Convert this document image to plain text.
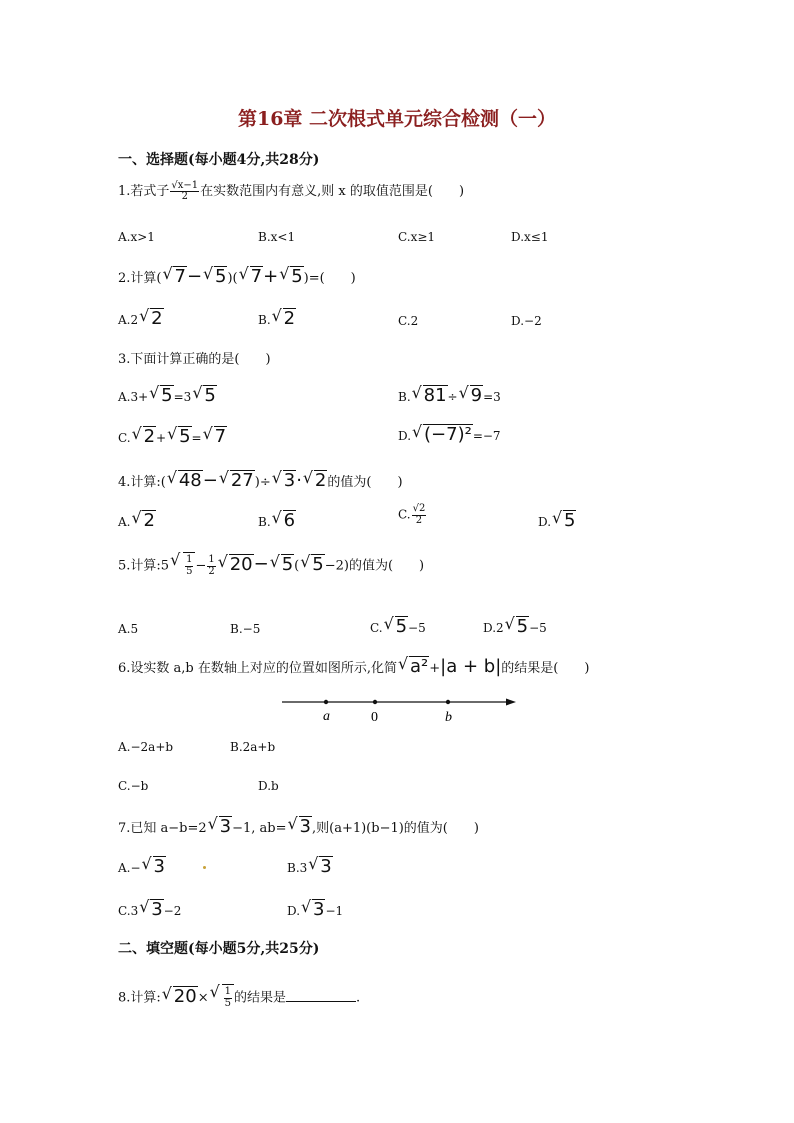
第16章 二次根式单元综合检测（一）
一、选择题(每小题4分,共28分)
1.若式子 $\frac{√x-1}{2}$ 在实数范围内有意义,则 x 的取值范围是(　　)
A.x>1	B.x<1	C.x≥1	D.x≤1
2.计算( √ 7− √ 5)( √ 7+ √ 5)=(　　)
A.2 √ 2	B. √ 2	C.2	D.−2
3.下面计算正确的是(　　)
A.3+ √ 5=3 √ 5	B. √ 81÷ √ 9=3
C. √ 2+ √ 5= √ 7	D. √ (−7)²=−7
4.计算:( √ 48− √ 27)÷ √ 3· √ 2的值为(　　)
A. √ 2	B. √ 6	C. $\frac{√2}{2}$	D. √ 5
5.计算:5 √ $\frac{1}{5} - \frac{1}{2}$ √ 20− √ 5( √ 5−2)的值为(　　)
A.5	B.−5	C. √ 5−5	D.2 √ 5−5
6.设实数 a,b 在数轴上对应的位置如图所示,化简 √ a²+|a + b|的结果是(　　)
a	0	b
A.−2a+b	B.2a+b
C.−b	D.b
7.已知 a−b=2 √ 3−1, ab= √ 3,则(a+1)(b−1)的值为(　　)
A.− √ 3	B.3 √ 3
C.3 √ 3−2	D. √ 3−1
二、填空题(每小题5分,共25分)
8.计算: √ 20× √ $\frac{1}{5}$ 的结果是	.
